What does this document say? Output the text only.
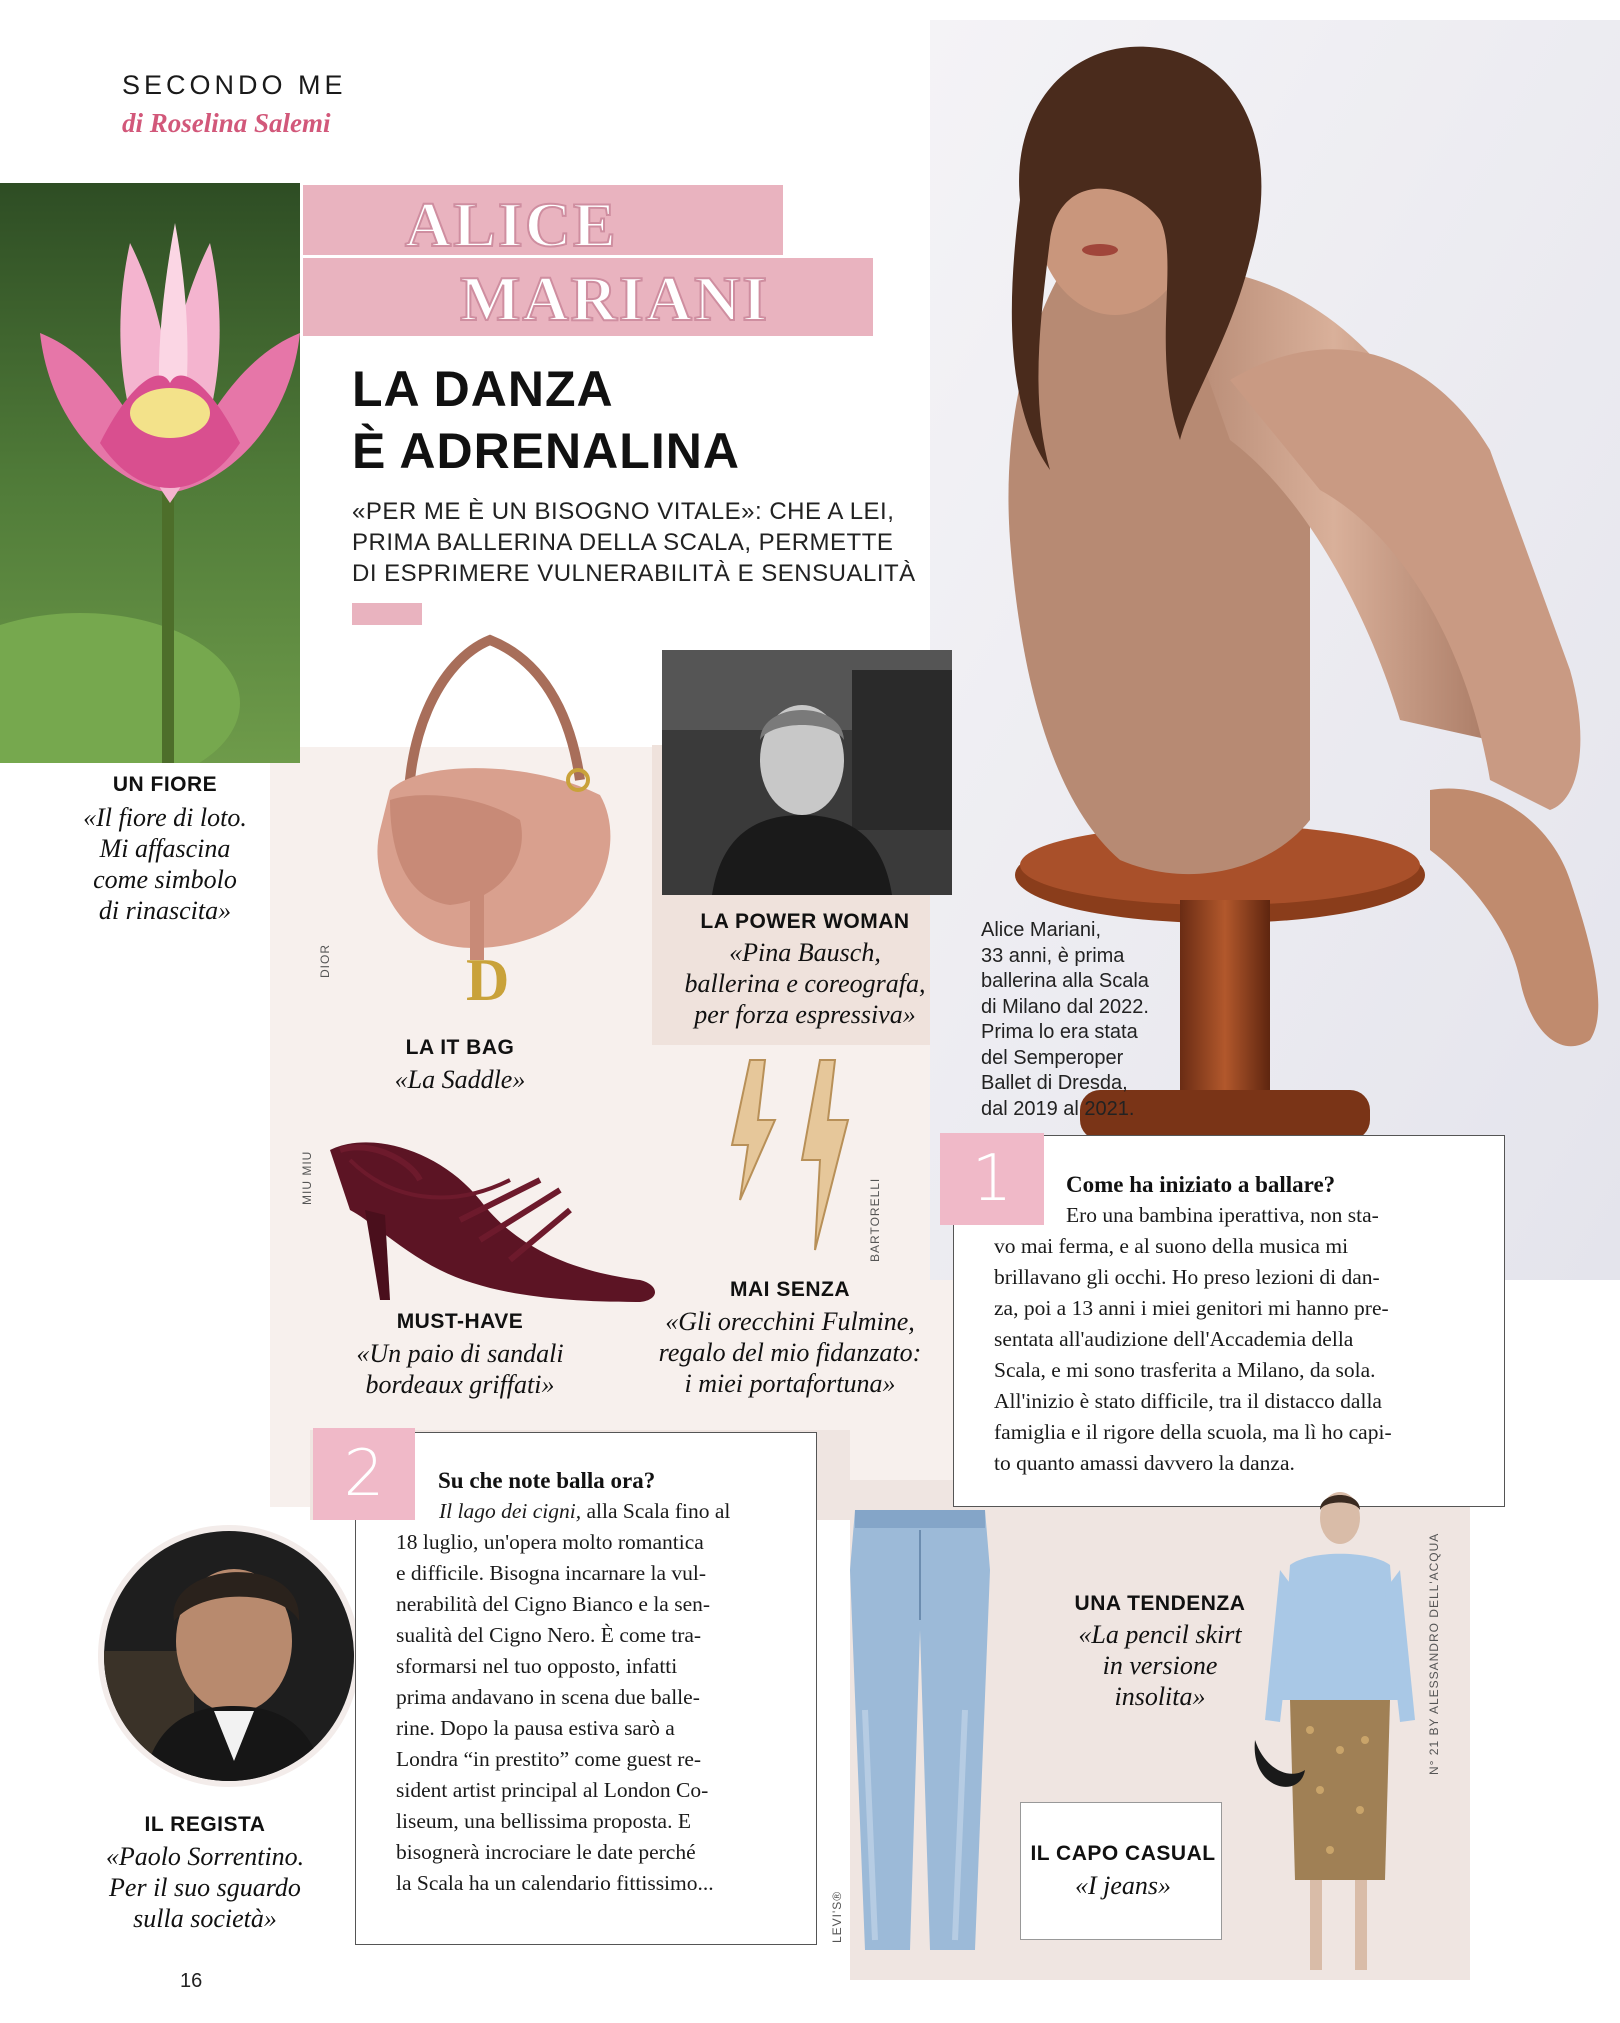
SECONDO ME
di Roselina Salemi
UN FIORE
«Il fiore di loto.
Mi affascina
come simbolo
di rinascita»
ALICE
MARIANI
LA DANZA
È ADRENALINA
«PER ME È UN BISOGNO VITALE»: CHE A LEI,
PRIMA BALLERINA DELLA SCALA, PERMETTE
DI ESPRIMERE VULNERABILITÀ E SENSUALITÀ
D
DIOR
LA IT BAG
«La Saddle»
LA POWER WOMAN
«Pina Bausch,
ballerina e coreografa,
per forza espressiva»
Alice Mariani,
33 anni, è prima
ballerina alla Scala
di Milano dal 2022.
Prima lo era stata
del Semperoper
Ballet di Dresda,
dal 2019 al 2021.
MIU MIU
MUST-HAVE
«Un paio di sandali
bordeaux griffati»
BARTORELLI
MAI SENZA
«Gli orecchini Fulmine,
regalo del mio fidanzato:
i miei portafortuna»
1	Come ha iniziato a ballare?
Ero una bambina iperattiva, non sta-
vo mai ferma, e al suono della musica mi
brillavano gli occhi. Ho preso lezioni di dan-
za, poi a 13 anni i miei genitori mi hanno pre-
sentata all'audizione dell'Accademia della
Scala, e mi sono trasferita a Milano, da sola.
All'inizio è stato difficile, tra il distacco dalla
famiglia e il rigore della scuola, ma lì ho capi-
to quanto amassi davvero la danza.
IL REGISTA
«Paolo Sorrentino.
Per il suo sguardo
sulla società»
2	Su che note balla ora?
Il lago dei cigni, alla Scala fino al
18 luglio, un'opera molto romantica
e difficile. Bisogna incarnare la vul-
nerabilità del Cigno Bianco e la sen-
sualità del Cigno Nero. È come tra-
sformarsi nel tuo opposto, infatti
prima andavano in scena due balle-
rine. Dopo la pausa estiva sarò a
Londra “in prestito” come guest re-
sident artist principal al London Co-
liseum, una bellissima proposta. E
bisognerà incrociare le date perché
la Scala ha un calendario fittissimo...
LEVI'S®
UNA TENDENZA
«La pencil skirt
in versione
insolita»	N° 21 BY ALESSANDRO DELL'ACQUA
IL CAPO CASUAL
«I jeans»
16
